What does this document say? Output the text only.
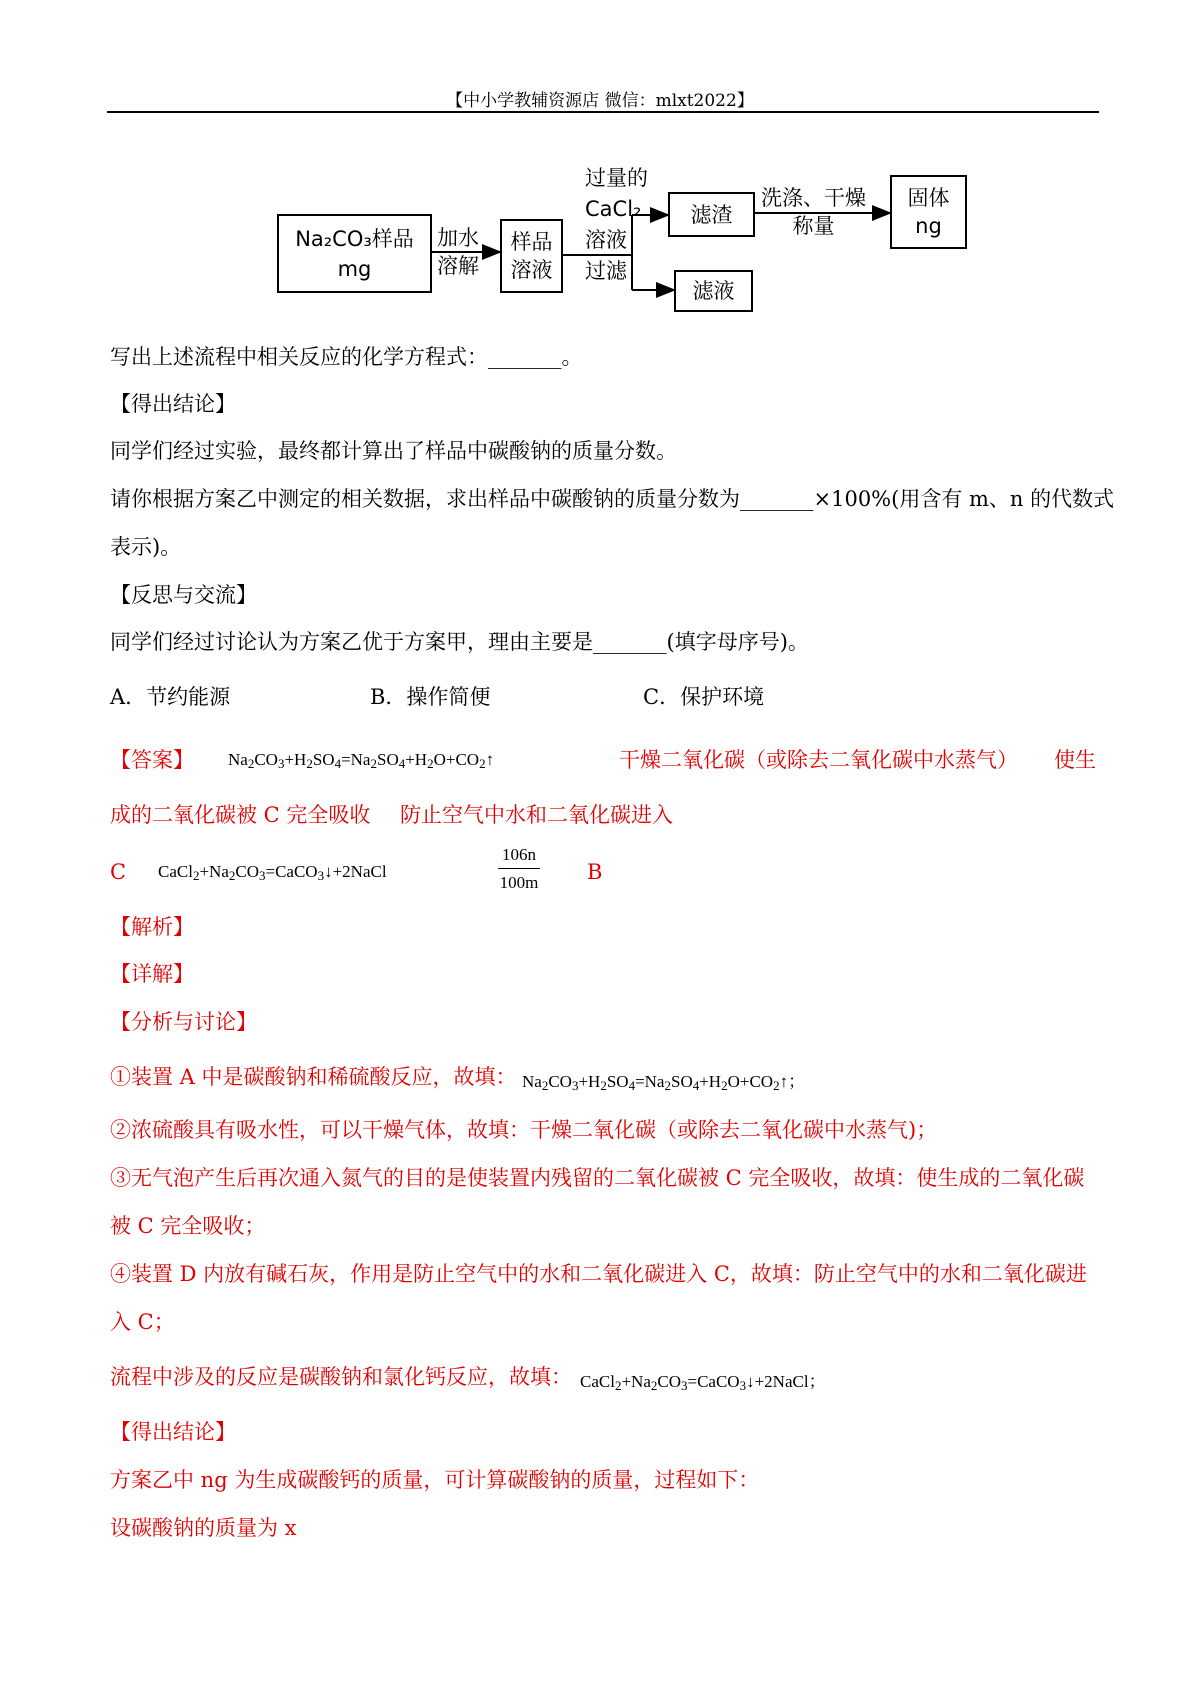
【中小学教辅资源店 微信：mlxt2022】
Na₂CO₃样品
mg
加水
溶解
样品
溶液
过量的
CaCl₂
溶液
过滤
滤渣
洗涤、干燥
称量
固体
ng
滤液
写出上述流程中相关反应的化学方程式：_______。
【得出结论】
同学们经过实验，最终都计算出了样品中碳酸钠的质量分数。
请你根据方案乙中测定的相关数据，求出样品中碳酸钠的质量分数为_______×100%(用含有 m、n 的代数式
表示)。
【反思与交流】
同学们经过讨论认为方案乙优于方案甲，理由主要是_______(填字母序号)。
A．节约能源	B．操作简便	C．保护环境
【答案】 $Na_2CO_3+H_2SO_4=Na_2SO_4+H_2O+CO_2↑$	干燥二氧化碳（或除去二氧化碳中水蒸气） 使生
成的二氧化碳被 C 完全吸收 防止空气中水和二氧化碳进入
C $CaCl_2+Na_2CO_3=CaCO_3↓+2NaCl$	$\frac{106n}{100m}$ B
【解析】
【详解】
【分析与讨论】
①装置 A 中是碳酸钠和稀硫酸反应，故填： $Na_2CO_3+H_2SO_4=Na_2SO_4+H_2O+CO_2↑$；
②浓硫酸具有吸水性，可以干燥气体，故填：干燥二氧化碳（或除去二氧化碳中水蒸气)；
③无气泡产生后再次通入氮气的目的是使装置内残留的二氧化碳被 C 完全吸收，故填：使生成的二氧化碳
被 C 完全吸收；
④装置 D 内放有碱石灰，作用是防止空气中的水和二氧化碳进入 C，故填：防止空气中的水和二氧化碳进
入 C；
流程中涉及的反应是碳酸钠和氯化钙反应，故填： $CaCl_2+Na_2CO_3=CaCO_3↓+2NaCl$；
【得出结论】
方案乙中 ng 为生成碳酸钙的质量，可计算碳酸钠的质量，过程如下：
设碳酸钠的质量为 x
